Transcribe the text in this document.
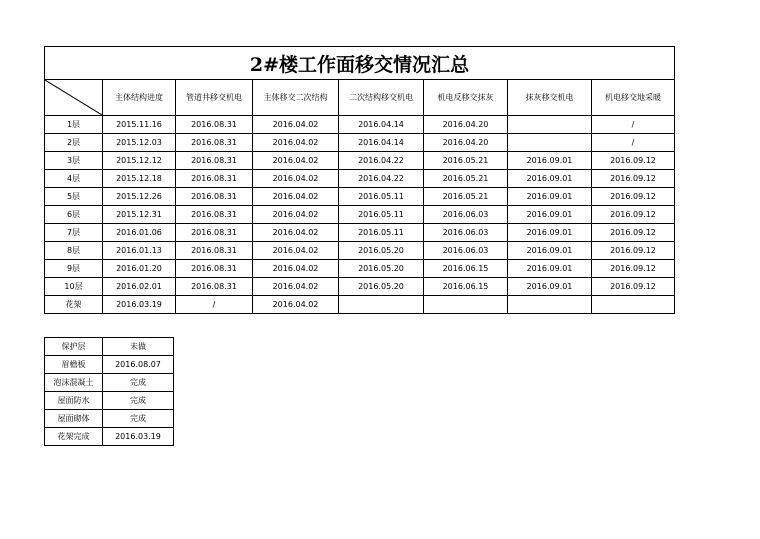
2#楼工作面移交情况汇总							

	主体结构进度	管道井移交机电	主体移交二次结构	二次结构移交机电	机电反移交抹灰	抹灰移交机电	机电移交地采暖
1层	2015.11.16	2016.08.31	2016.04.02	2016.04.14	2016.04.20		/
2层	2015.12.03	2016.08.31	2016.04.02	2016.04.14	2016.04.20		/
3层	2015.12.12	2016.08.31	2016.04.02	2016.04.22	2016.05.21	2016.09.01	2016.09.12
4层	2015.12.18	2016.08.31	2016.04.02	2016.04.22	2016.05.21	2016.09.01	2016.09.12
5层	2015.12.26	2016.08.31	2016.04.02	2016.05.11	2016.05.21	2016.09.01	2016.09.12
6层	2015.12.31	2016.08.31	2016.04.02	2016.05.11	2016.06.03	2016.09.01	2016.09.12
7层	2016.01.06	2016.08.31	2016.04.02	2016.05.11	2016.06.03	2016.09.01	2016.09.12
8层	2016.01.13	2016.08.31	2016.04.02	2016.05.20	2016.06.03	2016.09.01	2016.09.12
9层	2016.01.20	2016.08.31	2016.04.02	2016.05.20	2016.06.15	2016.09.01	2016.09.12
10层	2016.02.01	2016.08.31	2016.04.02	2016.05.20	2016.06.15	2016.09.01	2016.09.12
花架	2016.03.19	/	2016.04.02				
保护层	未做
眉檐板	2016.08.07
泡沫混凝土	完成
屋面防水	完成
屋面砌体	完成
花架完成	2016.03.19
